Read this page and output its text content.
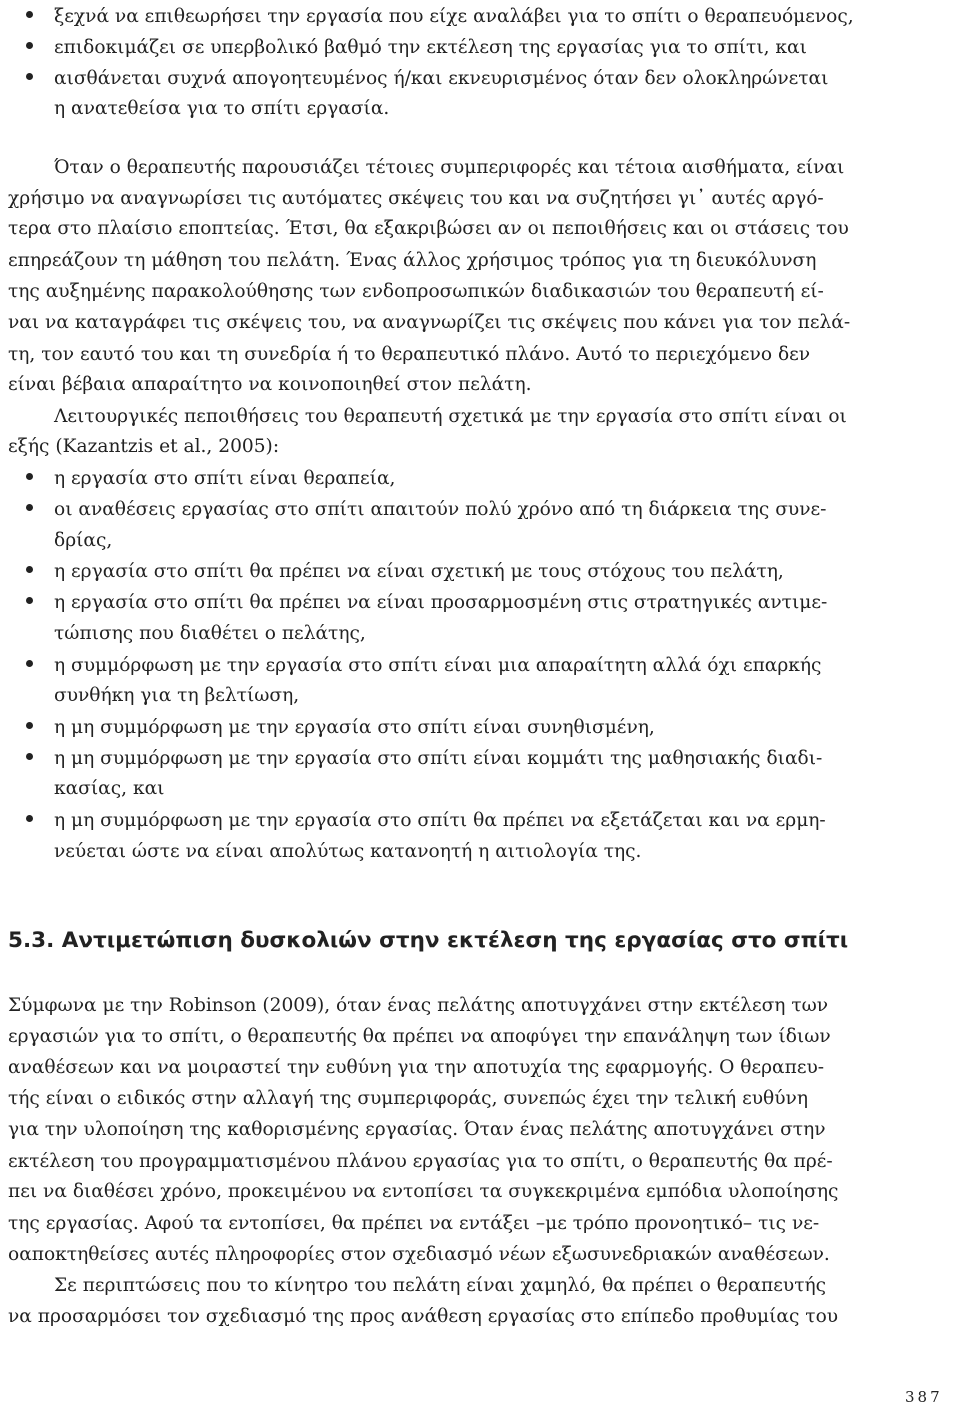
ξεχνά να επιθεωρήσει την εργασία που είχε αναλάβει για το σπίτι ο θεραπευόμενος,
επιδοκιμάζει σε υπερβολικό βαθμό την εκτέλεση της εργασίας για το σπίτι, και
αισθάνεται συχνά απογοητευμένος ή/και εκνευρισμένος όταν δεν ολοκληρώνεται
η ανατεθείσα για το σπίτι εργασία.
Όταν ο θεραπευτής παρουσιάζει τέτοιες συμπεριφορές και τέτοια αισθήματα, είναι
χρήσιμο να αναγνωρίσει τις αυτόματες σκέψεις του και να συζητήσει γι᾽ αυτές αργό-
τερα στο πλαίσιο εποπτείας. Έτσι, θα εξακριβώσει αν οι πεποιθήσεις και οι στάσεις του
επηρεάζουν τη μάθηση του πελάτη. Ένας άλλος χρήσιμος τρόπος για τη διευκόλυνση
της αυξημένης παρακολούθησης των ενδοπροσωπικών διαδικασιών του θεραπευτή εί-
ναι να καταγράφει τις σκέψεις του, να αναγνωρίζει τις σκέψεις που κάνει για τον πελά-
τη, τον εαυτό του και τη συνεδρία ή το θεραπευτικό πλάνο. Αυτό το περιεχόμενο δεν
είναι βέβαια απαραίτητο να κοινοποιηθεί στον πελάτη.
Λειτουργικές πεποιθήσεις του θεραπευτή σχετικά με την εργασία στο σπίτι είναι οι
εξής (Kazantzis et al., 2005):
η εργασία στο σπίτι είναι θεραπεία,
οι αναθέσεις εργασίας στο σπίτι απαιτούν πολύ χρόνο από τη διάρκεια της συνε-
δρίας,
η εργασία στο σπίτι θα πρέπει να είναι σχετική με τους στόχους του πελάτη,
η εργασία στο σπίτι θα πρέπει να είναι προσαρμοσμένη στις στρατηγικές αντιμε-
τώπισης που διαθέτει ο πελάτης,
η συμμόρφωση με την εργασία στο σπίτι είναι μια απαραίτητη αλλά όχι επαρκής
συνθήκη για τη βελτίωση,
η μη συμμόρφωση με την εργασία στο σπίτι είναι συνηθισμένη,
η μη συμμόρφωση με την εργασία στο σπίτι είναι κομμάτι της μαθησιακής διαδι-
κασίας, και
η μη συμμόρφωση με την εργασία στο σπίτι θα πρέπει να εξετάζεται και να ερμη-
νεύεται ώστε να είναι απολύτως κατανοητή η αιτιολογία της.
5.3. Αντιμετώπιση δυσκολιών στην εκτέλεση της εργασίας στο σπίτι
Σύμφωνα με την Robinson (2009), όταν ένας πελάτης αποτυγχάνει στην εκτέλεση των
εργασιών για το σπίτι, ο θεραπευτής θα πρέπει να αποφύγει την επανάληψη των ίδιων
αναθέσεων και να μοιραστεί την ευθύνη για την αποτυχία της εφαρμογής. Ο θεραπευ-
τής είναι ο ειδικός στην αλλαγή της συμπεριφοράς, συνεπώς έχει την τελική ευθύνη
για την υλοποίηση της καθορισμένης εργασίας. Όταν ένας πελάτης αποτυγχάνει στην
εκτέλεση του προγραμματισμένου πλάνου εργασίας για το σπίτι, ο θεραπευτής θα πρέ-
πει να διαθέσει χρόνο, προκειμένου να εντοπίσει τα συγκεκριμένα εμπόδια υλοποίησης
της εργασίας. Αφού τα εντοπίσει, θα πρέπει να εντάξει –με τρόπο προνοητικό– τις νε-
οαποκτηθείσες αυτές πληροφορίες στον σχεδιασμό νέων εξωσυνεδριακών αναθέσεων.
Σε περιπτώσεις που το κίνητρο του πελάτη είναι χαμηλό, θα πρέπει ο θεραπευτής
να προσαρμόσει τον σχεδιασμό της προς ανάθεση εργασίας στο επίπεδο προθυμίας του
387
